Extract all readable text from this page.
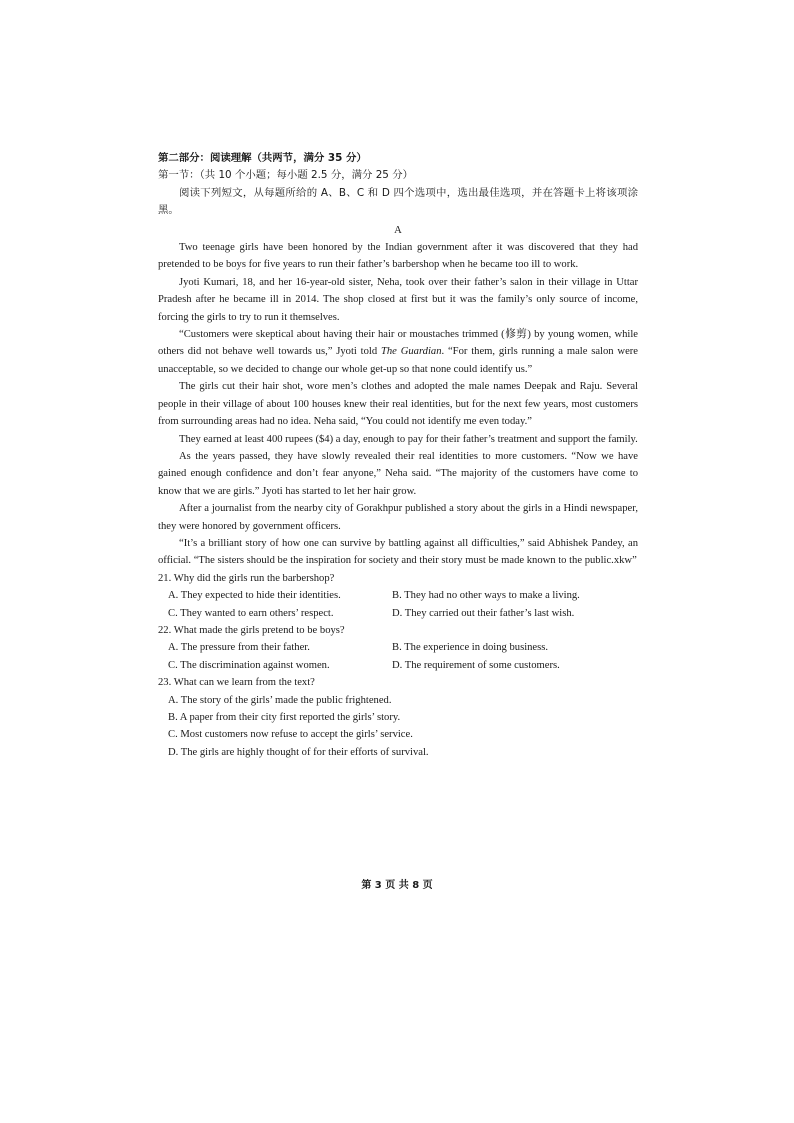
第二部分：阅读理解（共两节，满分 35 分）

第一节：（共 10 个小题；每小题 2.5 分，满分 25 分）

阅读下列短文，从每题所给的 A、B、C 和 D 四个选项中，选出最佳选项，并在答题卡上将该项涂黑。

A

Two teenage girls have been honored by the Indian government after it was discovered that they had pretended to be boys for five years to run their father’s barbershop when he became too ill to work.

Jyoti Kumari, 18, and her 16-year-old sister, Neha, took over their father’s salon in their village in Uttar Pradesh after he became ill in 2014. The shop closed at first but it was the family’s only source of income, forcing the girls to try to run it themselves.

“Customers were skeptical about having their hair or moustaches trimmed (修剪) by young women, while others did not behave well towards us,” Jyoti told The Guardian. “For them, girls running a male salon were unacceptable, so we decided to change our whole get-up so that none could identify us.”

The girls cut their hair shot, wore men’s clothes and adopted the male names Deepak and Raju. Several people in their village of about 100 houses knew their real identities, but for the next few years, most customers from surrounding areas had no idea. Neha said, “You could not identify me even today.”

They earned at least 400 rupees ($4) a day, enough to pay for their father’s treatment and support the family.

As the years passed, they have slowly revealed their real identities to more customers. “Now we have gained enough confidence and don’t fear anyone,” Neha said. “The majority of the customers have come to know that we are girls.” Jyoti has started to let her hair grow.

After a journalist from the nearby city of Gorakhpur published a story about the girls in a Hindi newspaper, they were honored by government officers.

“It’s a brilliant story of how one can survive by battling against all difficulties,” said Abhishek Pandey, an official. “The sisters should be the inspiration for society and their story must be made known to the public.xkw”

21. Why did the girls run the barbershop?

A. They expected to hide their identities.	B. They had no other ways to make a living.
C. They wanted to earn others’ respect.	D. They carried out their father’s last wish.

22. What made the girls pretend to be boys?

A. The pressure from their father.	B. The experience in doing business.
C. The discrimination against women.	D. The requirement of some customers.

23. What can we learn from the text?

A. The story of the girls’ made the public frightened.

B. A paper from their city first reported the girls’ story.

C. Most customers now refuse to accept the girls’ service.

D. The girls are highly thought of for their efforts of survival.

第 3 页 共 8 页
